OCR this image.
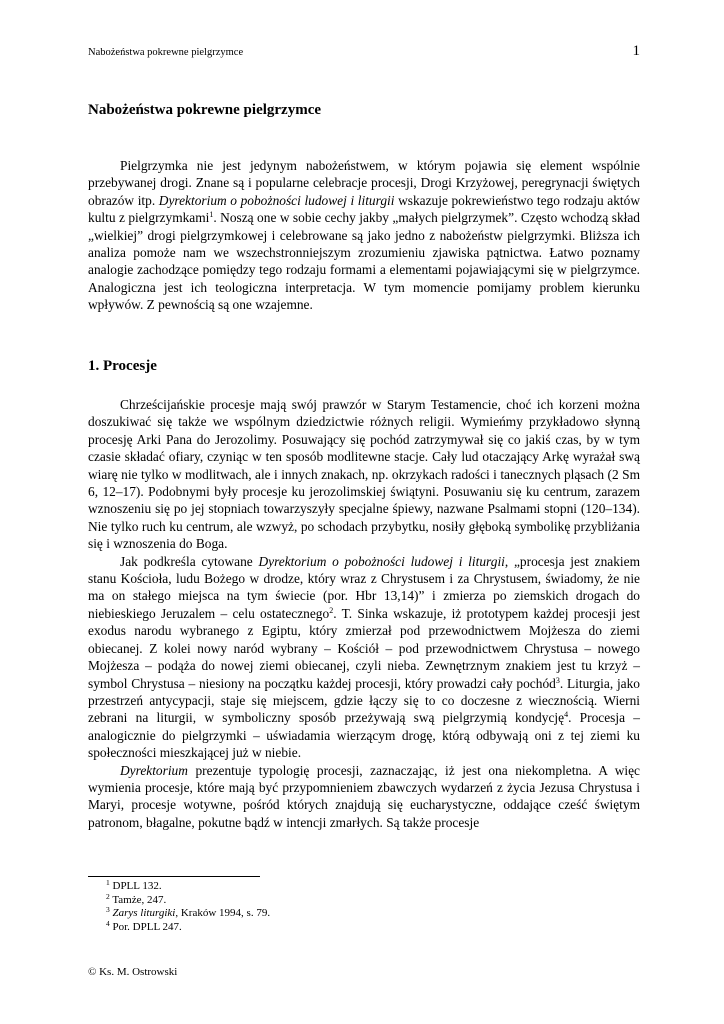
Nabożeństwa pokrewne pielgrzymce	1
Nabożeństwa pokrewne pielgrzymce

Pielgrzymka nie jest jedynym nabożeństwem, w którym pojawia się element wspólnie przebywanej drogi. Znane są i popularne celebracje procesji, Drogi Krzyżowej, peregrynacji świętych obrazów itp. Dyrektorium o pobożności ludowej i liturgii wskazuje pokrewieństwo tego rodzaju aktów kultu z pielgrzymkami$^1$. Noszą one w sobie cechy jakby „małych pielgrzymek”. Często wchodzą skład „wielkiej” drogi pielgrzymkowej i celebrowane są jako jedno z nabożeństw pielgrzymki. Bliższa ich analiza pomoże nam we wszechstronniejszym zrozumieniu zjawiska pątnictwa. Łatwo poznamy analogie zachodzące pomiędzy tego rodzaju formami a elementami pojawiającymi się w pielgrzymce. Analogiczna jest ich teologiczna interpretacja. W tym momencie pomijamy problem kierunku wpływów. Z pewnością są one wzajemne.

1. Procesje

Chrześcijańskie procesje mają swój prawzór w Starym Testamencie, choć ich korzeni można doszukiwać się także we wspólnym dziedzictwie różnych religii. Wymieńmy przykładowo słynną procesję Arki Pana do Jerozolimy. Posuwający się pochód zatrzymywał się co jakiś czas, by w tym czasie składać ofiary, czyniąc w ten sposób modlitewne stacje. Cały lud otaczający Arkę wyrażał swą wiarę nie tylko w modlitwach, ale i innych znakach, np. okrzykach radości i tanecznych pląsach (2 Sm 6, 12–17). Podobnymi były procesje ku jerozolimskiej świątyni. Posuwaniu się ku centrum, zarazem wznoszeniu się po jej stopniach towarzyszyły specjalne śpiewy, nazwane Psalmami stopni (120–134). Nie tylko ruch ku centrum, ale wzwyż, po schodach przybytku, nosiły głęboką symbolikę przybliżania się i wznoszenia do Boga.

Jak podkreśla cytowane Dyrektorium o pobożności ludowej i liturgii, „procesja jest znakiem stanu Kościoła, ludu Bożego w drodze, który wraz z Chrystusem i za Chrystusem, świadomy, że nie ma on stałego miejsca na tym świecie (por. Hbr 13,14)” i zmierza po ziemskich drogach do niebieskiego Jeruzalem – celu ostatecznego$^2$. T. Sinka wskazuje, iż prototypem każdej procesji jest exodus narodu wybranego z Egiptu, który zmierzał pod przewodnictwem Mojżesza do ziemi obiecanej. Z kolei nowy naród wybrany – Kościół – pod przewodnictwem Chrystusa – nowego Mojżesza – podąża do nowej ziemi obiecanej, czyli nieba. Zewnętrznym znakiem jest tu krzyż – symbol Chrystusa – niesiony na początku każdej procesji, który prowadzi cały pochód$^3$. Liturgia, jako przestrzeń antycypacji, staje się miejscem, gdzie łączy się to co doczesne z wiecznością. Wierni zebrani na liturgii, w symboliczny sposób przeżywają swą pielgrzymią kondycję$^4$. Procesja – analogicznie do pielgrzymki – uświadamia wierzącym drogę, którą odbywają oni z tej ziemi ku społeczności mieszkającej już w niebie.

Dyrektorium prezentuje typologię procesji, zaznaczając, iż jest ona niekompletna. A więc wymienia procesje, które mają być przypomnieniem zbawczych wydarzeń z życia Jezusa Chrystusa i Maryi, procesje wotywne, pośród których znajdują się eucharystyczne, oddające cześć świętym patronom, błagalne, pokutne bądź w intencji zmarłych. Są także procesje

$^1$ DPLL 132.
$^2$ Tamże, 247.
$^3$ Zarys liturgiki, Kraków 1994, s. 79.
$^4$ Por. DPLL 247.
© Ks. M. Ostrowski
